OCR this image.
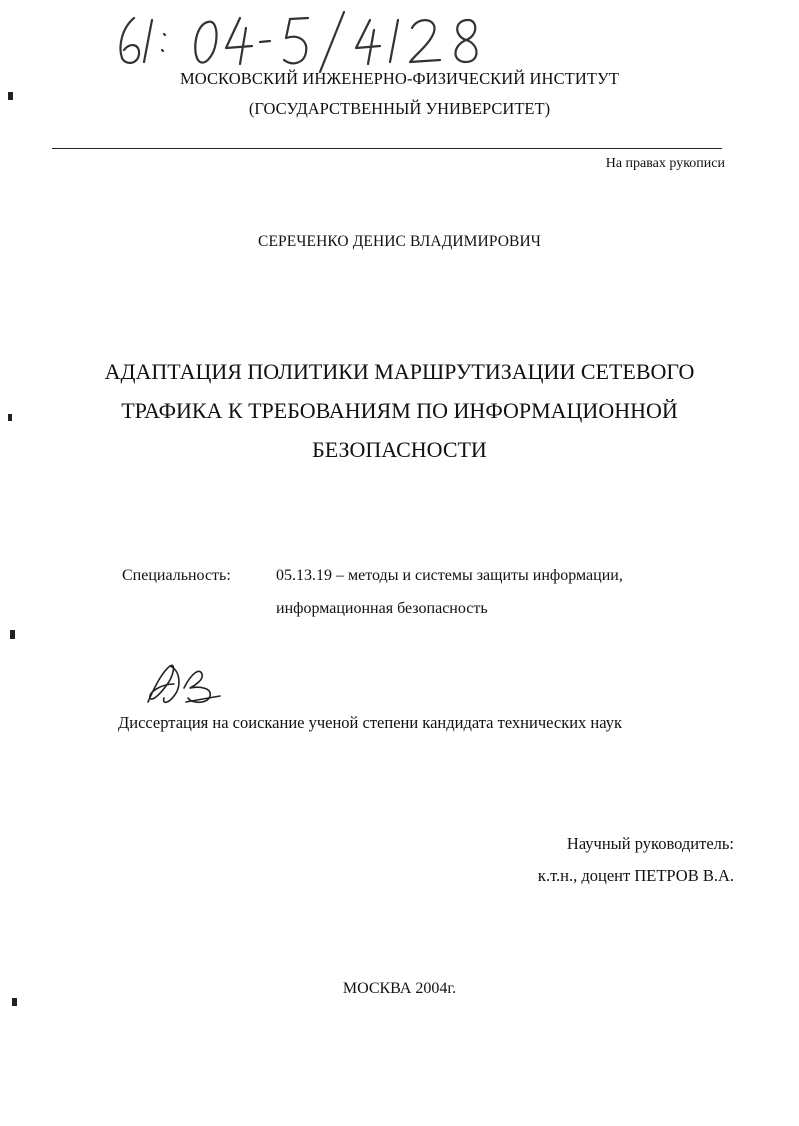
МОСКОВСКИЙ ИНЖЕНЕРНО-ФИЗИЧЕСКИЙ ИНСТИТУТ
(ГОСУДАРСТВЕННЫЙ УНИВЕРСИТЕТ)
На правах рукописи
СЕРЕЧЕНКО ДЕНИС ВЛАДИМИРОВИЧ
АДАПТАЦИЯ ПОЛИТИКИ МАРШРУТИЗАЦИИ СЕТЕВОГО
ТРАФИКА К ТРЕБОВАНИЯМ ПО ИНФОРМАЦИОННОЙ
БЕЗОПАСНОСТИ
Специальность:	05.13.19 – методы и системы защиты информации,
информационная безопасность
Диссертация на соискание ученой степени кандидата технических наук
Научный руководитель:
к.т.н., доцент ПЕТРОВ В.А.
МОСКВА 2004г.
